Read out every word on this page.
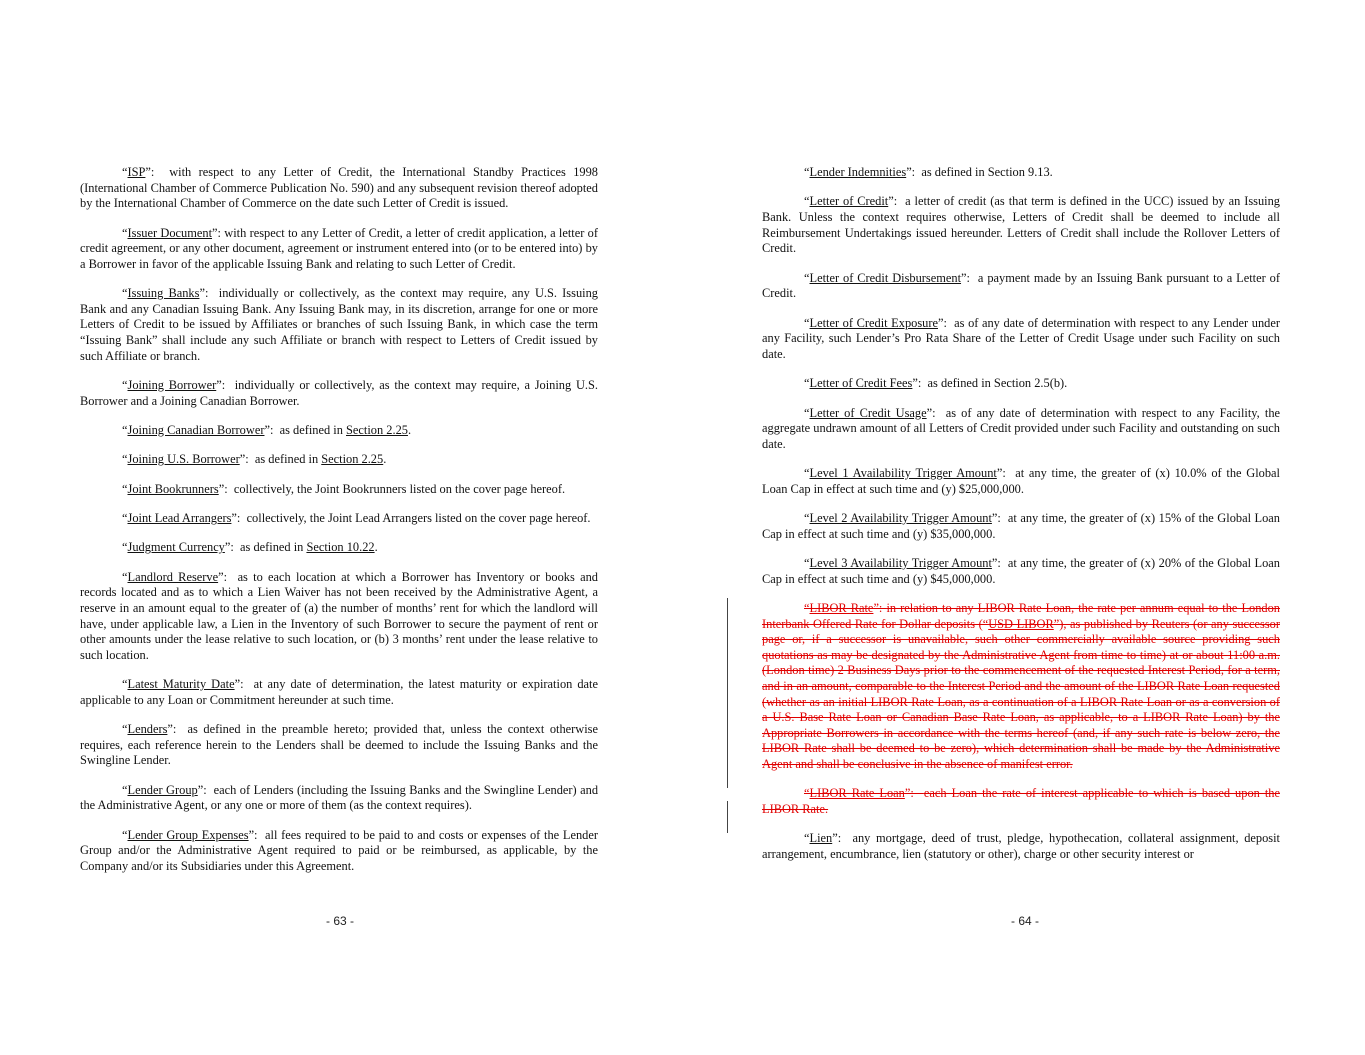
“ISP”:  with respect to any Letter of Credit, the International Standby Practices 1998 (International Chamber of Commerce Publication No. 590) and any subsequent revision thereof adopted by the International Chamber of Commerce on the date such Letter of Credit is issued.

“Issuer Document”: with respect to any Letter of Credit, a letter of credit application, a letter of credit agreement, or any other document, agreement or instrument entered into (or to be entered into) by a Borrower in favor of the applicable Issuing Bank and relating to such Letter of Credit.

“Issuing Banks”:  individually or collectively, as the context may require, any U.S. Issuing Bank and any Canadian Issuing Bank. Any Issuing Bank may, in its discretion, arrange for one or more Letters of Credit to be issued by Affiliates or branches of such Issuing Bank, in which case the term “Issuing Bank” shall include any such Affiliate or branch with respect to Letters of Credit issued by such Affiliate or branch.

“Joining Borrower”:  individually or collectively, as the context may require, a Joining U.S. Borrower and a Joining Canadian Borrower.

“Joining Canadian Borrower”:  as defined in Section 2.25.

“Joining U.S. Borrower”:  as defined in Section 2.25.

“Joint Bookrunners”:  collectively, the Joint Bookrunners listed on the cover page hereof.

“Joint Lead Arrangers”:  collectively, the Joint Lead Arrangers listed on the cover page hereof.

“Judgment Currency”:  as defined in Section 10.22.

“Landlord Reserve”:  as to each location at which a Borrower has Inventory or books and records located and as to which a Lien Waiver has not been received by the Administrative Agent, a reserve in an amount equal to the greater of (a) the number of months’ rent for which the landlord will have, under applicable law, a Lien in the Inventory of such Borrower to secure the payment of rent or other amounts under the lease relative to such location, or (b) 3 months’ rent under the lease relative to such location.

“Latest Maturity Date”:  at any date of determination, the latest maturity or expiration date applicable to any Loan or Commitment hereunder at such time.

“Lenders”:  as defined in the preamble hereto; provided that, unless the context otherwise requires, each reference herein to the Lenders shall be deemed to include the Issuing Banks and the Swingline Lender.

“Lender Group”:  each of Lenders (including the Issuing Banks and the Swingline Lender) and the Administrative Agent, or any one or more of them (as the context requires).

“Lender Group Expenses”:  all fees required to be paid to and costs or expenses of the Lender Group and/or the Administrative Agent required to paid or be reimbursed, as applicable, by the Company and/or its Subsidiaries under this Agreement.

- 63 -

“Lender Indemnities”:  as defined in Section 9.13.

“Letter of Credit”:  a letter of credit (as that term is defined in the UCC) issued by an Issuing Bank. Unless the context requires otherwise, Letters of Credit shall be deemed to include all Reimbursement Undertakings issued hereunder. Letters of Credit shall include the Rollover Letters of Credit.

“Letter of Credit Disbursement”:  a payment made by an Issuing Bank pursuant to a Letter of Credit.

“Letter of Credit Exposure”:  as of any date of determination with respect to any Lender under any Facility, such Lender’s Pro Rata Share of the Letter of Credit Usage under such Facility on such date.

“Letter of Credit Fees”:  as defined in Section 2.5(b).

“Letter of Credit Usage”:  as of any date of determination with respect to any Facility, the aggregate undrawn amount of all Letters of Credit provided under such Facility and outstanding on such date.

“Level 1 Availability Trigger Amount”:  at any time, the greater of (x) 10.0% of the Global Loan Cap in effect at such time and (y) $25,000,000.

“Level 2 Availability Trigger Amount”:  at any time, the greater of (x) 15% of the Global Loan Cap in effect at such time and (y) $35,000,000.

“Level 3 Availability Trigger Amount”:  at any time, the greater of (x) 20% of the Global Loan Cap in effect at such time and (y) $45,000,000.

“LIBOR Rate”: in relation to any LIBOR Rate Loan, the rate per annum equal to the London Interbank Offered Rate for Dollar deposits (“USD LIBOR”), as published by Reuters (or any successor page or, if a successor is unavailable, such other commercially available source providing such quotations as may be designated by the Administrative Agent from time to time) at or about 11:00 a.m. (London time) 2 Business Days prior to the commencement of the requested Interest Period, for a term, and in an amount, comparable to the Interest Period and the amount of the LIBOR Rate Loan requested (whether as an initial LIBOR Rate Loan, as a continuation of a LIBOR Rate Loan or as a conversion of a U.S. Base Rate Loan or Canadian Base Rate Loan, as applicable, to a LIBOR Rate Loan) by the Appropriate Borrowers in accordance with the terms hereof (and, if any such rate is below zero, the LIBOR Rate shall be deemed to be zero), which determination shall be made by the Administrative Agent and shall be conclusive in the absence of manifest error.

“LIBOR Rate Loan”:  each Loan the rate of interest applicable to which is based upon the LIBOR Rate.

“Lien”:  any mortgage, deed of trust, pledge, hypothecation, collateral assignment, deposit arrangement, encumbrance, lien (statutory or other), charge or other security interest or

- 64 -
